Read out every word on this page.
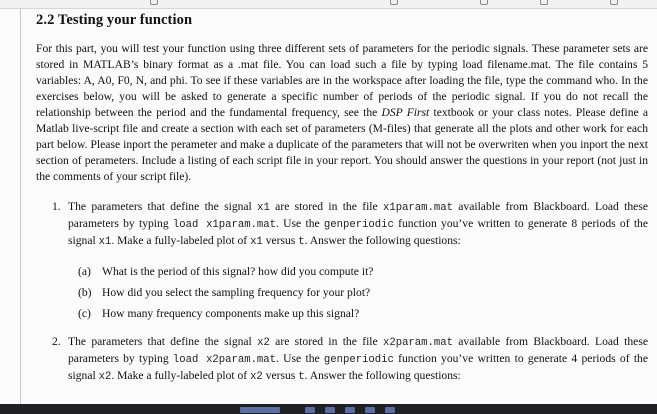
2.2 Testing your function

For this part, you will test your function using three different sets of parameters for the periodic signals. These parameter sets are stored in MATLAB’s binary format as a .mat file. You can load such a file by typing load filename.mat. The file contains 5 variables: A, A0, F0, N, and phi. To see if these variables are in the workspace after loading the file, type the command who. In the exercises below, you will be asked to generate a specific number of periods of the periodic signal. If you do not recall the relationship between the period and the fundamental frequency, see the DSP First textbook or your class notes. Please define a Matlab live-script file and create a section with each set of parameters (M-files) that generate all the plots and other work for each part below. Please inport the perameter and make a duplicate of the parameters that will not be overwriten when you inport the next section of perameters. Include a listing of each script file in your report. You should answer the questions in your report (not just in the comments of your script file).

1. The parameters that define the signal x1 are stored in the file x1param.mat available from Blackboard. Load these parameters by typing load x1param.mat. Use the genperiodic function you’ve written to generate 8 periods of the signal x1. Make a fully-labeled plot of x1 versus t. Answer the following questions:
(a) What is the period of this signal? how did you compute it?
(b) How did you select the sampling frequency for your plot?
(c) How many frequency components make up this signal?
2. The parameters that define the signal x2 are stored in the file x2param.mat available from Blackboard. Load these parameters by typing load x2param.mat. Use the genperiodic function you’ve written to generate 4 periods of the signal x2. Make a fully-labeled plot of x2 versus t. Answer the following questions:
